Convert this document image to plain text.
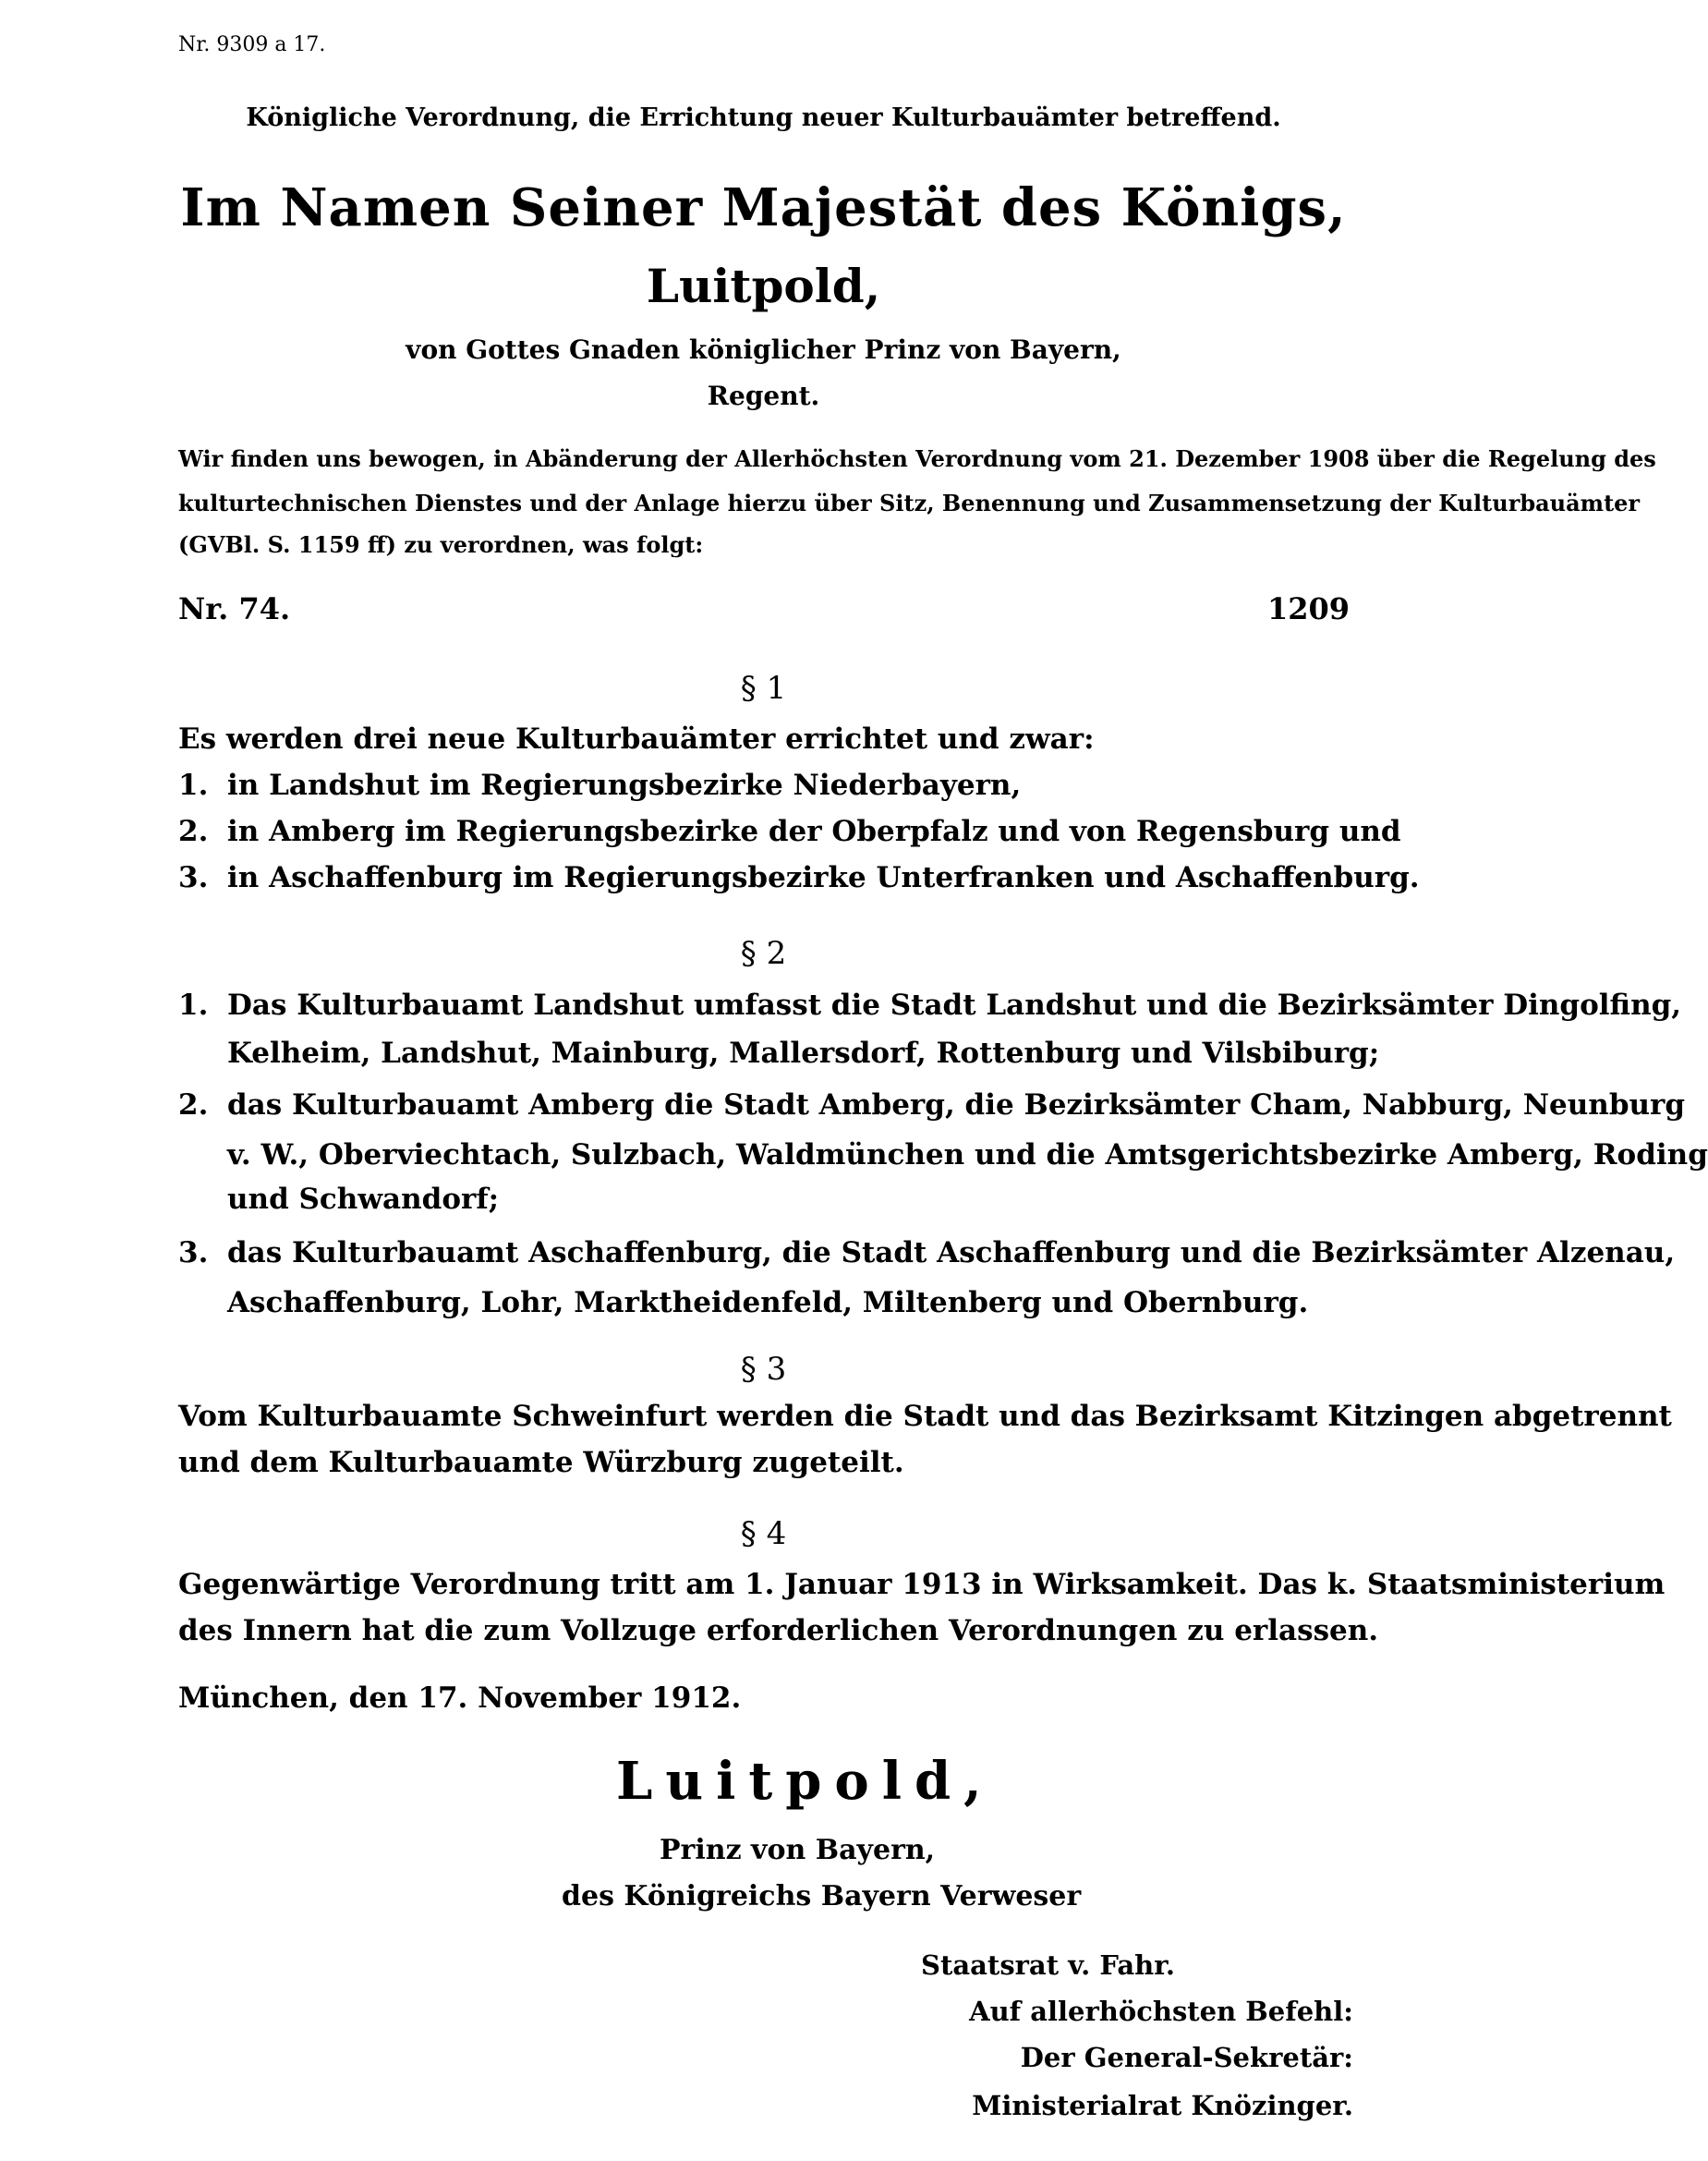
Nr. 9309 a 17.
Königliche Verordnung, die Errichtung neuer Kulturbauämter betreffend.
Im Namen Seiner Majestät des Königs,
Luitpold,
von Gottes Gnaden königlicher Prinz von Bayern,
Regent.
Wir finden uns bewogen, in Abänderung der Allerhöchsten Verordnung vom 21. Dezember 1908 über die Regelung des
kulturtechnischen Dienstes und der Anlage hierzu über Sitz, Benennung und Zusammensetzung der Kulturbauämter
(GVBl. S. 1159 ff) zu verordnen, was folgt:
Nr. 74.	1209
§ 1
Es werden drei neue Kulturbauämter errichtet und zwar:
1. in Landshut im Regierungsbezirke Niederbayern,
2. in Amberg im Regierungsbezirke der Oberpfalz und von Regensburg und
3. in Aschaffenburg im Regierungsbezirke Unterfranken und Aschaffenburg.
§ 2
1. Das Kulturbauamt Landshut umfasst die Stadt Landshut und die Bezirksämter Dingolfing,
Kelheim, Landshut, Mainburg, Mallersdorf, Rottenburg und Vilsbiburg;
2. das Kulturbauamt Amberg die Stadt Amberg, die Bezirksämter Cham, Nabburg, Neunburg
v. W., Oberviechtach, Sulzbach, Waldmünchen und die Amtsgerichtsbezirke Amberg, Roding
und Schwandorf;
3. das Kulturbauamt Aschaffenburg, die Stadt Aschaffenburg und die Bezirksämter Alzenau,
Aschaffenburg, Lohr, Marktheidenfeld, Miltenberg und Obernburg.
§ 3
Vom Kulturbauamte Schweinfurt werden die Stadt und das Bezirksamt Kitzingen abgetrennt
und dem Kulturbauamte Würzburg zugeteilt.
§ 4
Gegenwärtige Verordnung tritt am 1. Januar 1913 in Wirksamkeit. Das k. Staatsministerium
des Innern hat die zum Vollzuge erforderlichen Verordnungen zu erlassen.
München, den 17. November 1912.
Luitpold,
Prinz von Bayern,
des Königreichs Bayern Verweser
Staatsrat v. Fahr.
Auf allerhöchsten Befehl:
Der General-Sekretär:
Ministerialrat Knözinger.
